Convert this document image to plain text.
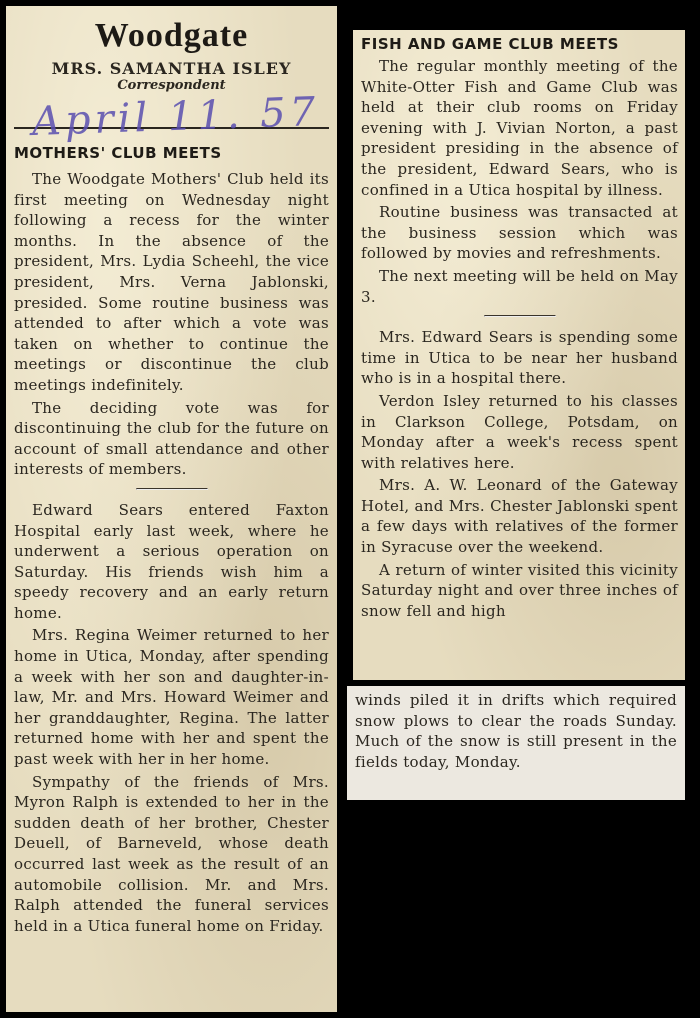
Woodgate
MRS. SAMANTHA ISLEY
Correspondent
April 11. 57
MOTHERS' CLUB MEETS

The Woodgate Mothers' Club held its first meeting on Wednesday night following a recess for the winter months. In the absence of the president, Mrs. Lydia Scheehl, the vice president, Mrs. Verna Jablonski, presided. Some routine business was attended to after which a vote was taken on whether to continue the meetings or discontinue the club meetings indefinitely.

The deciding vote was for discontinuing the club for the future on account of small attendance and other interests of members.

Edward Sears entered Faxton Hospital early last week, where he underwent a serious operation on Saturday. His friends wish him a speedy recovery and an early return home.

Mrs. Regina Weimer returned to her home in Utica, Monday, after spending a week with her son and daughter-in-law, Mr. and Mrs. Howard Weimer and her granddaughter, Regina. The latter returned home with her and spent the past week with her in her home.

Sympathy of the friends of Mrs. Myron Ralph is extended to her in the sudden death of her brother, Chester Deuell, of Barneveld, whose death occurred last week as the result of an automobile collision. Mr. and Mrs. Ralph attended the funeral services held in a Utica funeral home on Friday.

FISH AND GAME CLUB MEETS

The regular monthly meeting of the White-Otter Fish and Game Club was held at their club rooms on Friday evening with J. Vivian Norton, a past president presiding in the absence of the president, Edward Sears, who is confined in a Utica hospital by illness.

Routine business was transacted at the business session which was followed by movies and refreshments.

The next meeting will be held on May 3.

Mrs. Edward Sears is spending some time in Utica to be near her husband who is in a hospital there.

Verdon Isley returned to his classes in Clarkson College, Potsdam, on Monday after a week's recess spent with relatives here.

Mrs. A. W. Leonard of the Gateway Hotel, and Mrs. Chester Jablonski spent a few days with relatives of the former in Syracuse over the weekend.

A return of winter visited this vicinity Saturday night and over three inches of snow fell and high

winds piled it in drifts which required snow plows to clear the roads Sunday. Much of the snow is still present in the fields today, Monday.
